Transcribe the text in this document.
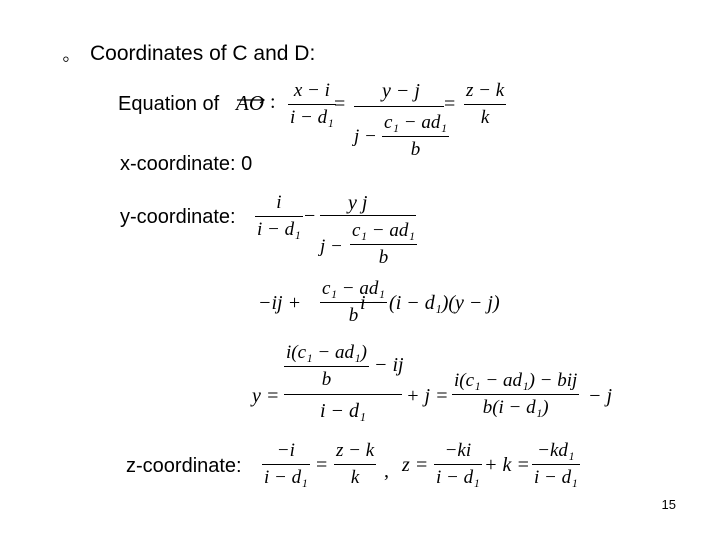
◦ Coordinates of C and D:
Equation of AO :
x − i
i − d₁
=
y − j
j −
c₁ − ad₁
b
=
z − k
k
x-coordinate: 0
y-coordinate:
i
i − d₁
−
y j
j −
c₁ − ad₁
b
−ij +
c₁ − ad₁
b
i − (i − d₁)(y − j)
y =
i(c₁ − ad₁)
b
− ij
i − d₁
+ j =
i(c₁ − ad₁) − bij
b(i − d₁)
− j
z-coordinate:
−i
i − d₁
=
z − k
k , z =
−ki
i − d₁
+ k =
−kd₁
i − d₁
15
